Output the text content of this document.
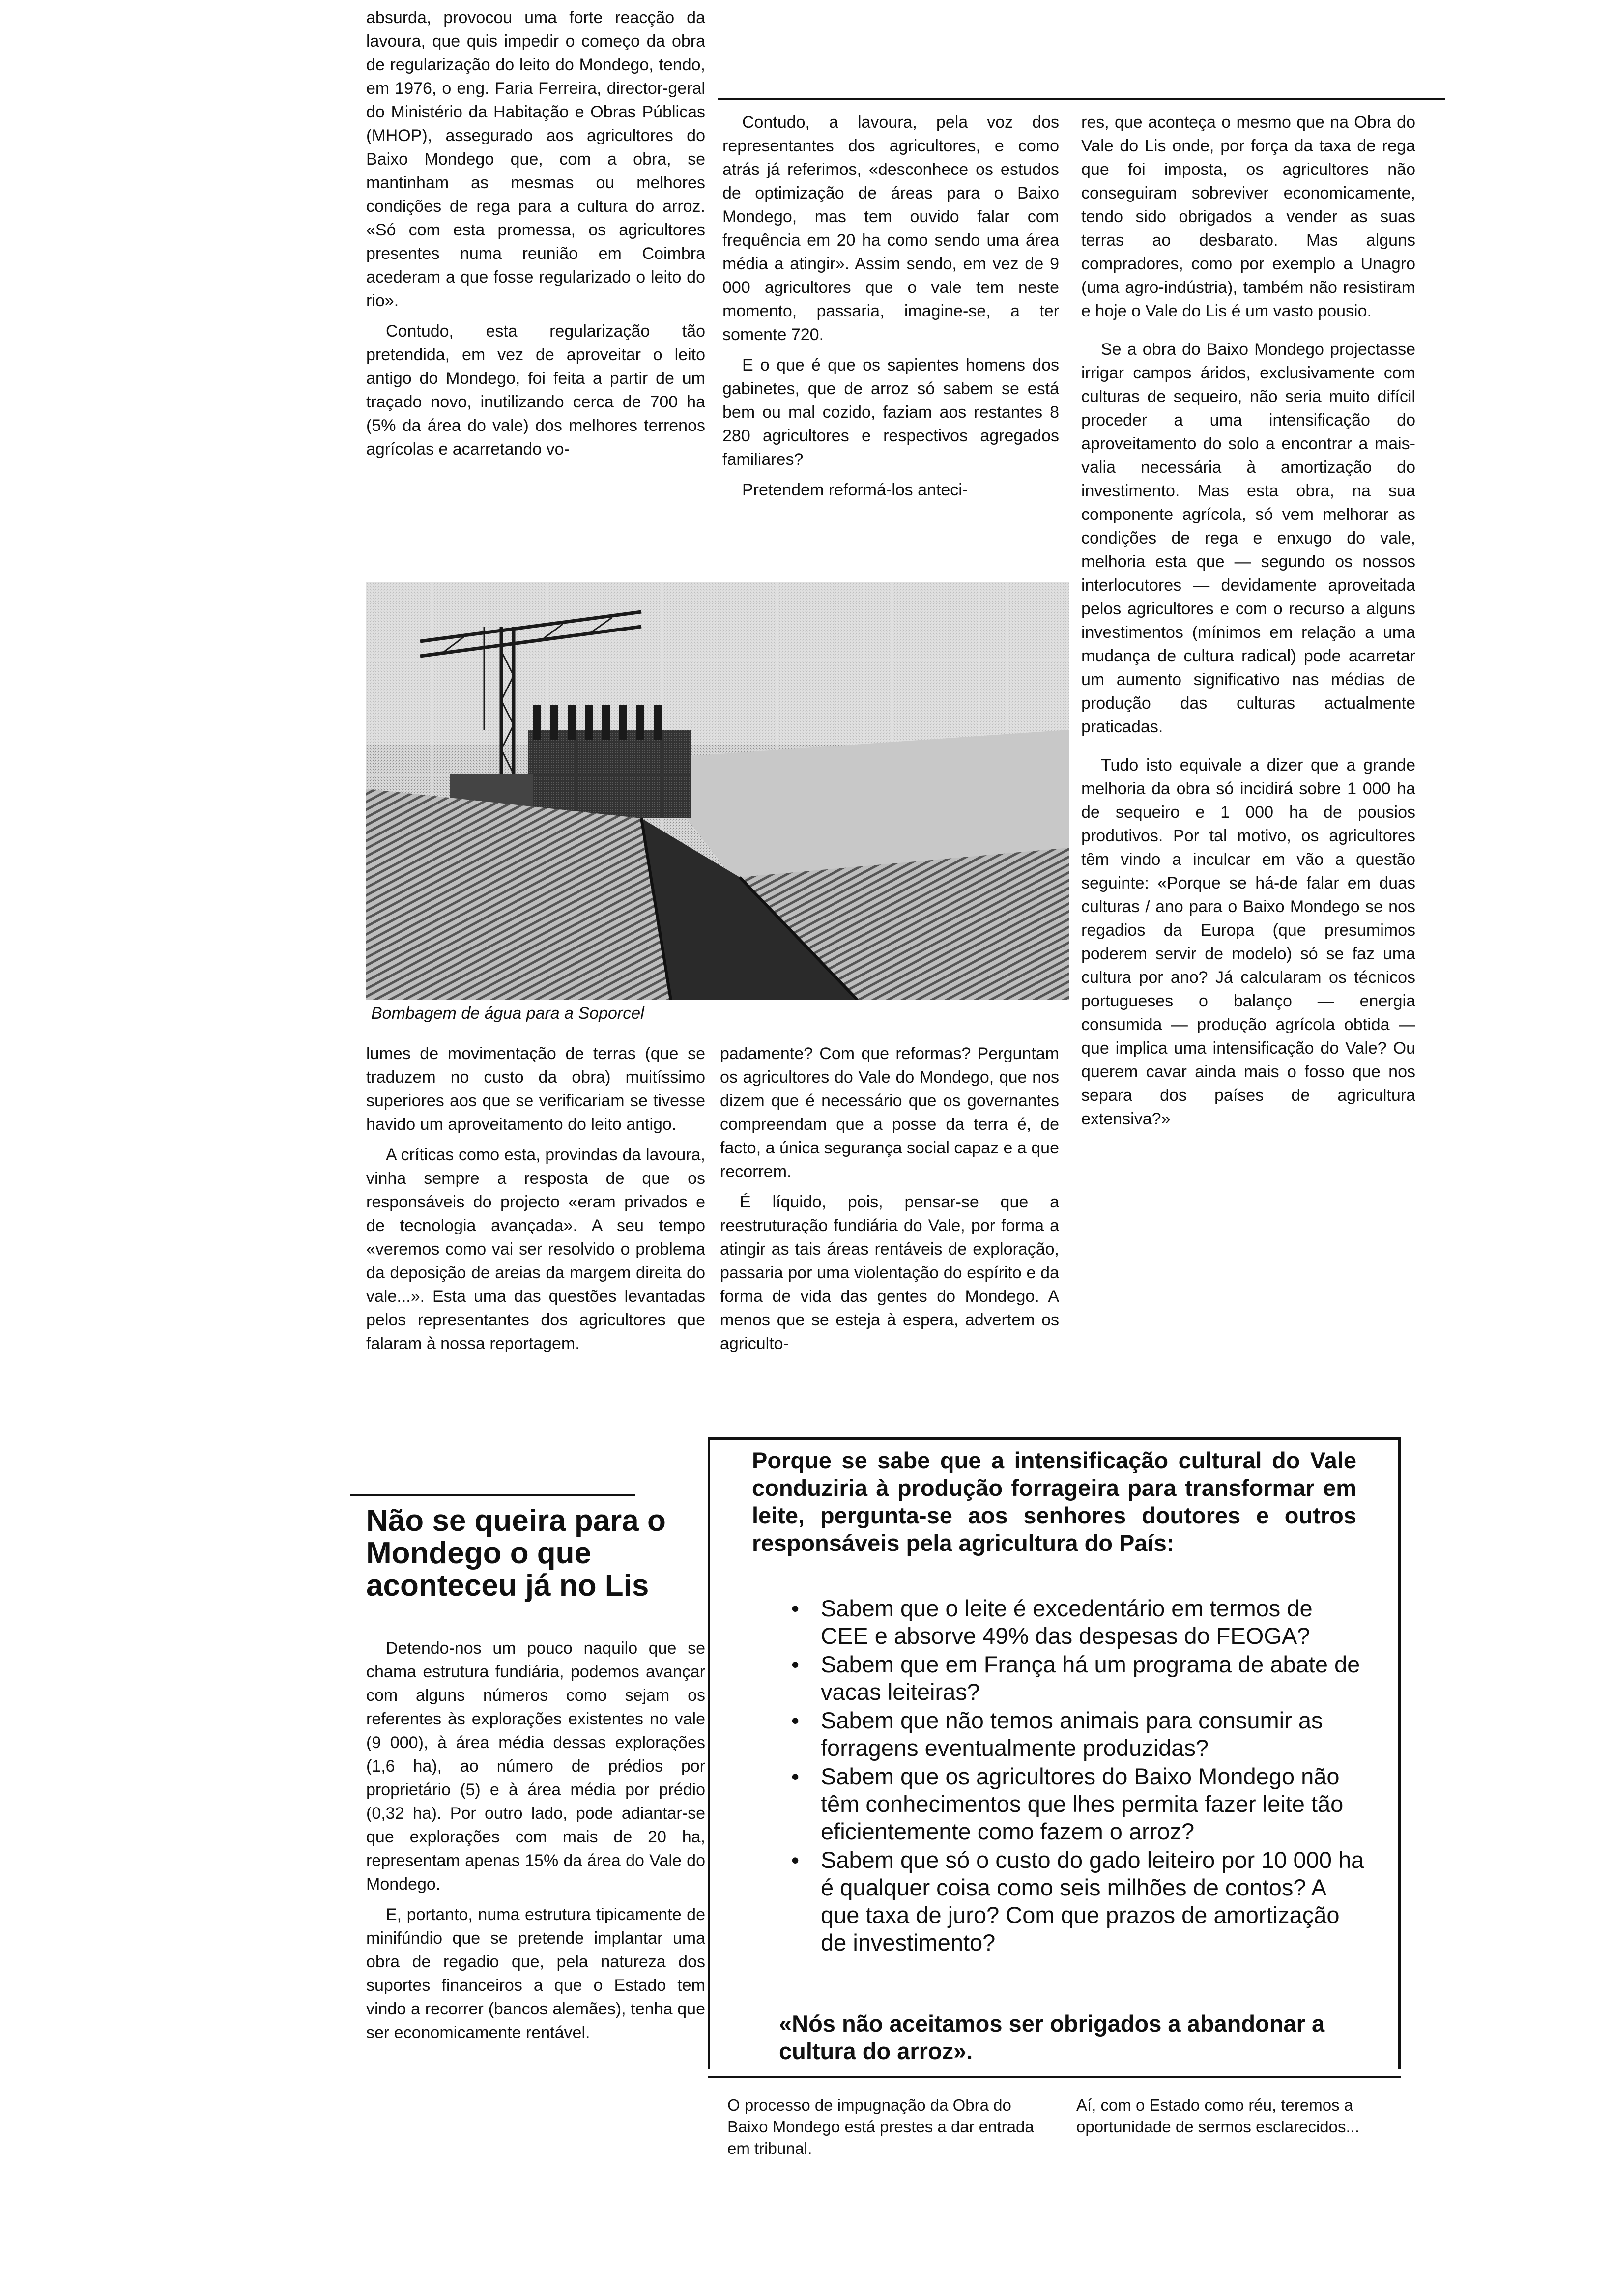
absurda, provocou uma forte reacção da lavoura, que quis impedir o começo da obra de regularização do leito do Mondego, tendo, em 1976, o eng. Faria Ferreira, director-geral do Ministério da Habitação e Obras Públicas (MHOP), assegurado aos agricultores do Baixo Mondego que, com a obra, se mantinham as mesmas ou melhores condições de rega para a cultura do arroz. «Só com esta promessa, os agricultores presentes numa reunião em Coimbra acederam a que fosse regularizado o leito do rio».

Contudo, esta regularização tão pretendida, em vez de aproveitar o leito antigo do Mondego, foi feita a partir de um traçado novo, inutilizando cerca de 700 ha (5% da área do vale) dos melhores terrenos agrícolas e acarretando vo-

Contudo, a lavoura, pela voz dos representantes dos agricultores, e como atrás já referimos, «desconhece os estudos de optimização de áreas para o Baixo Mondego, mas tem ouvido falar com frequência em 20 ha como sendo uma área média a atingir». Assim sendo, em vez de 9 000 agricultores que o vale tem neste momento, passaria, imagine-se, a ter somente 720.

E o que é que os sapientes homens dos gabinetes, que de arroz só sabem se está bem ou mal cozido, faziam aos restantes 8 280 agricultores e respectivos agregados familiares?

Pretendem reformá-los anteci-

res, que aconteça o mesmo que na Obra do Vale do Lis onde, por força da taxa de rega que foi imposta, os agricultores não conseguiram sobreviver economicamente, tendo sido obrigados a vender as suas terras ao desbarato. Mas alguns compradores, como por exemplo a Unagro (uma agro-indústria), também não resistiram e hoje o Vale do Lis é um vasto pousio.

Se a obra do Baixo Mondego projectasse irrigar campos áridos, exclusivamente com culturas de sequeiro, não seria muito difícil proceder a uma intensificação do aproveitamento do solo a encontrar a mais-valia necessária à amortização do investimento. Mas esta obra, na sua componente agrícola, só vem melhorar as condições de rega e enxugo do vale, melhoria esta que — segundo os nossos interlocutores — devidamente aproveitada pelos agricultores e com o recurso a alguns investimentos (mínimos em relação a uma mudança de cultura radical) pode acarretar um aumento significativo nas médias de produção das culturas actualmente praticadas.

Tudo isto equivale a dizer que a grande melhoria da obra só incidirá sobre 1 000 ha de sequeiro e 1 000 ha de pousios produtivos. Por tal motivo, os agricultores têm vindo a inculcar em vão a questão seguinte: «Porque se há-de falar em duas culturas / ano para o Baixo Mondego se nos regadios da Europa (que presumimos poderem servir de modelo) só se faz uma cultura por ano? Já calcularam os técnicos portugueses o balanço — energia consumida — produção agrícola obtida — que implica uma intensificação do Vale? Ou querem cavar ainda mais o fosso que nos separa dos países de agricultura extensiva?»

Bombagem de água para a Soporcel

lumes de movimentação de terras (que se traduzem no custo da obra) muitíssimo superiores aos que se verificariam se tivesse havido um aproveitamento do leito antigo.

A críticas como esta, provindas da lavoura, vinha sempre a resposta de que os responsáveis do projecto «eram privados e de tecnologia avançada». A seu tempo «veremos como vai ser resolvido o problema da deposição de areias da margem direita do vale...». Esta uma das questões levantadas pelos representantes dos agricultores que falaram à nossa reportagem.

padamente? Com que reformas? Perguntam os agricultores do Vale do Mondego, que nos dizem que é necessário que os governantes compreendam que a posse da terra é, de facto, a única segurança social capaz e a que recorrem.

É líquido, pois, pensar-se que a reestruturação fundiária do Vale, por forma a atingir as tais áreas rentáveis de exploração, passaria por uma violentação do espírito e da forma de vida das gentes do Mondego. A menos que se esteja à espera, advertem os agriculto-

Não se queira para o Mondego o que aconteceu já no Lis

Detendo-nos um pouco naquilo que se chama estrutura fundiária, podemos avançar com alguns números como sejam os referentes às explorações existentes no vale (9 000), à área média dessas explorações (1,6 ha), ao número de prédios por proprietário (5) e à área média por prédio (0,32 ha). Por outro lado, pode adiantar-se que explorações com mais de 20 ha, representam apenas 15% da área do Vale do Mondego.

E, portanto, numa estrutura tipicamente de minifúndio que se pretende implantar uma obra de regadio que, pela natureza dos suportes financeiros a que o Estado tem vindo a recorrer (bancos alemães), tenha que ser economicamente rentável.

Porque se sabe que a intensificação cultural do Vale conduziria à produção forrageira para transformar em leite, pergunta-se aos senhores doutores e outros responsáveis pela agricultura do País:

• Sabem que o leite é excedentário em termos de CEE e absorve 49% das despesas do FEOGA?
• Sabem que em França há um programa de abate de vacas leiteiras?
• Sabem que não temos animais para consumir as forragens eventualmente produzidas?
• Sabem que os agricultores do Baixo Mondego não têm conhecimentos que lhes permita fazer leite tão eficientemente como fazem o arroz?
• Sabem que só o custo do gado leiteiro por 10 000 ha é qualquer coisa como seis milhões de contos? A que taxa de juro? Com que prazos de amortização de investimento?

«Nós não aceitamos ser obrigados a abandonar a cultura do arroz».

O processo de impugnação da Obra do Baixo Mondego está prestes a dar entrada em tribunal.
Aí, com o Estado como réu, teremos a oportunidade de sermos esclarecidos...
